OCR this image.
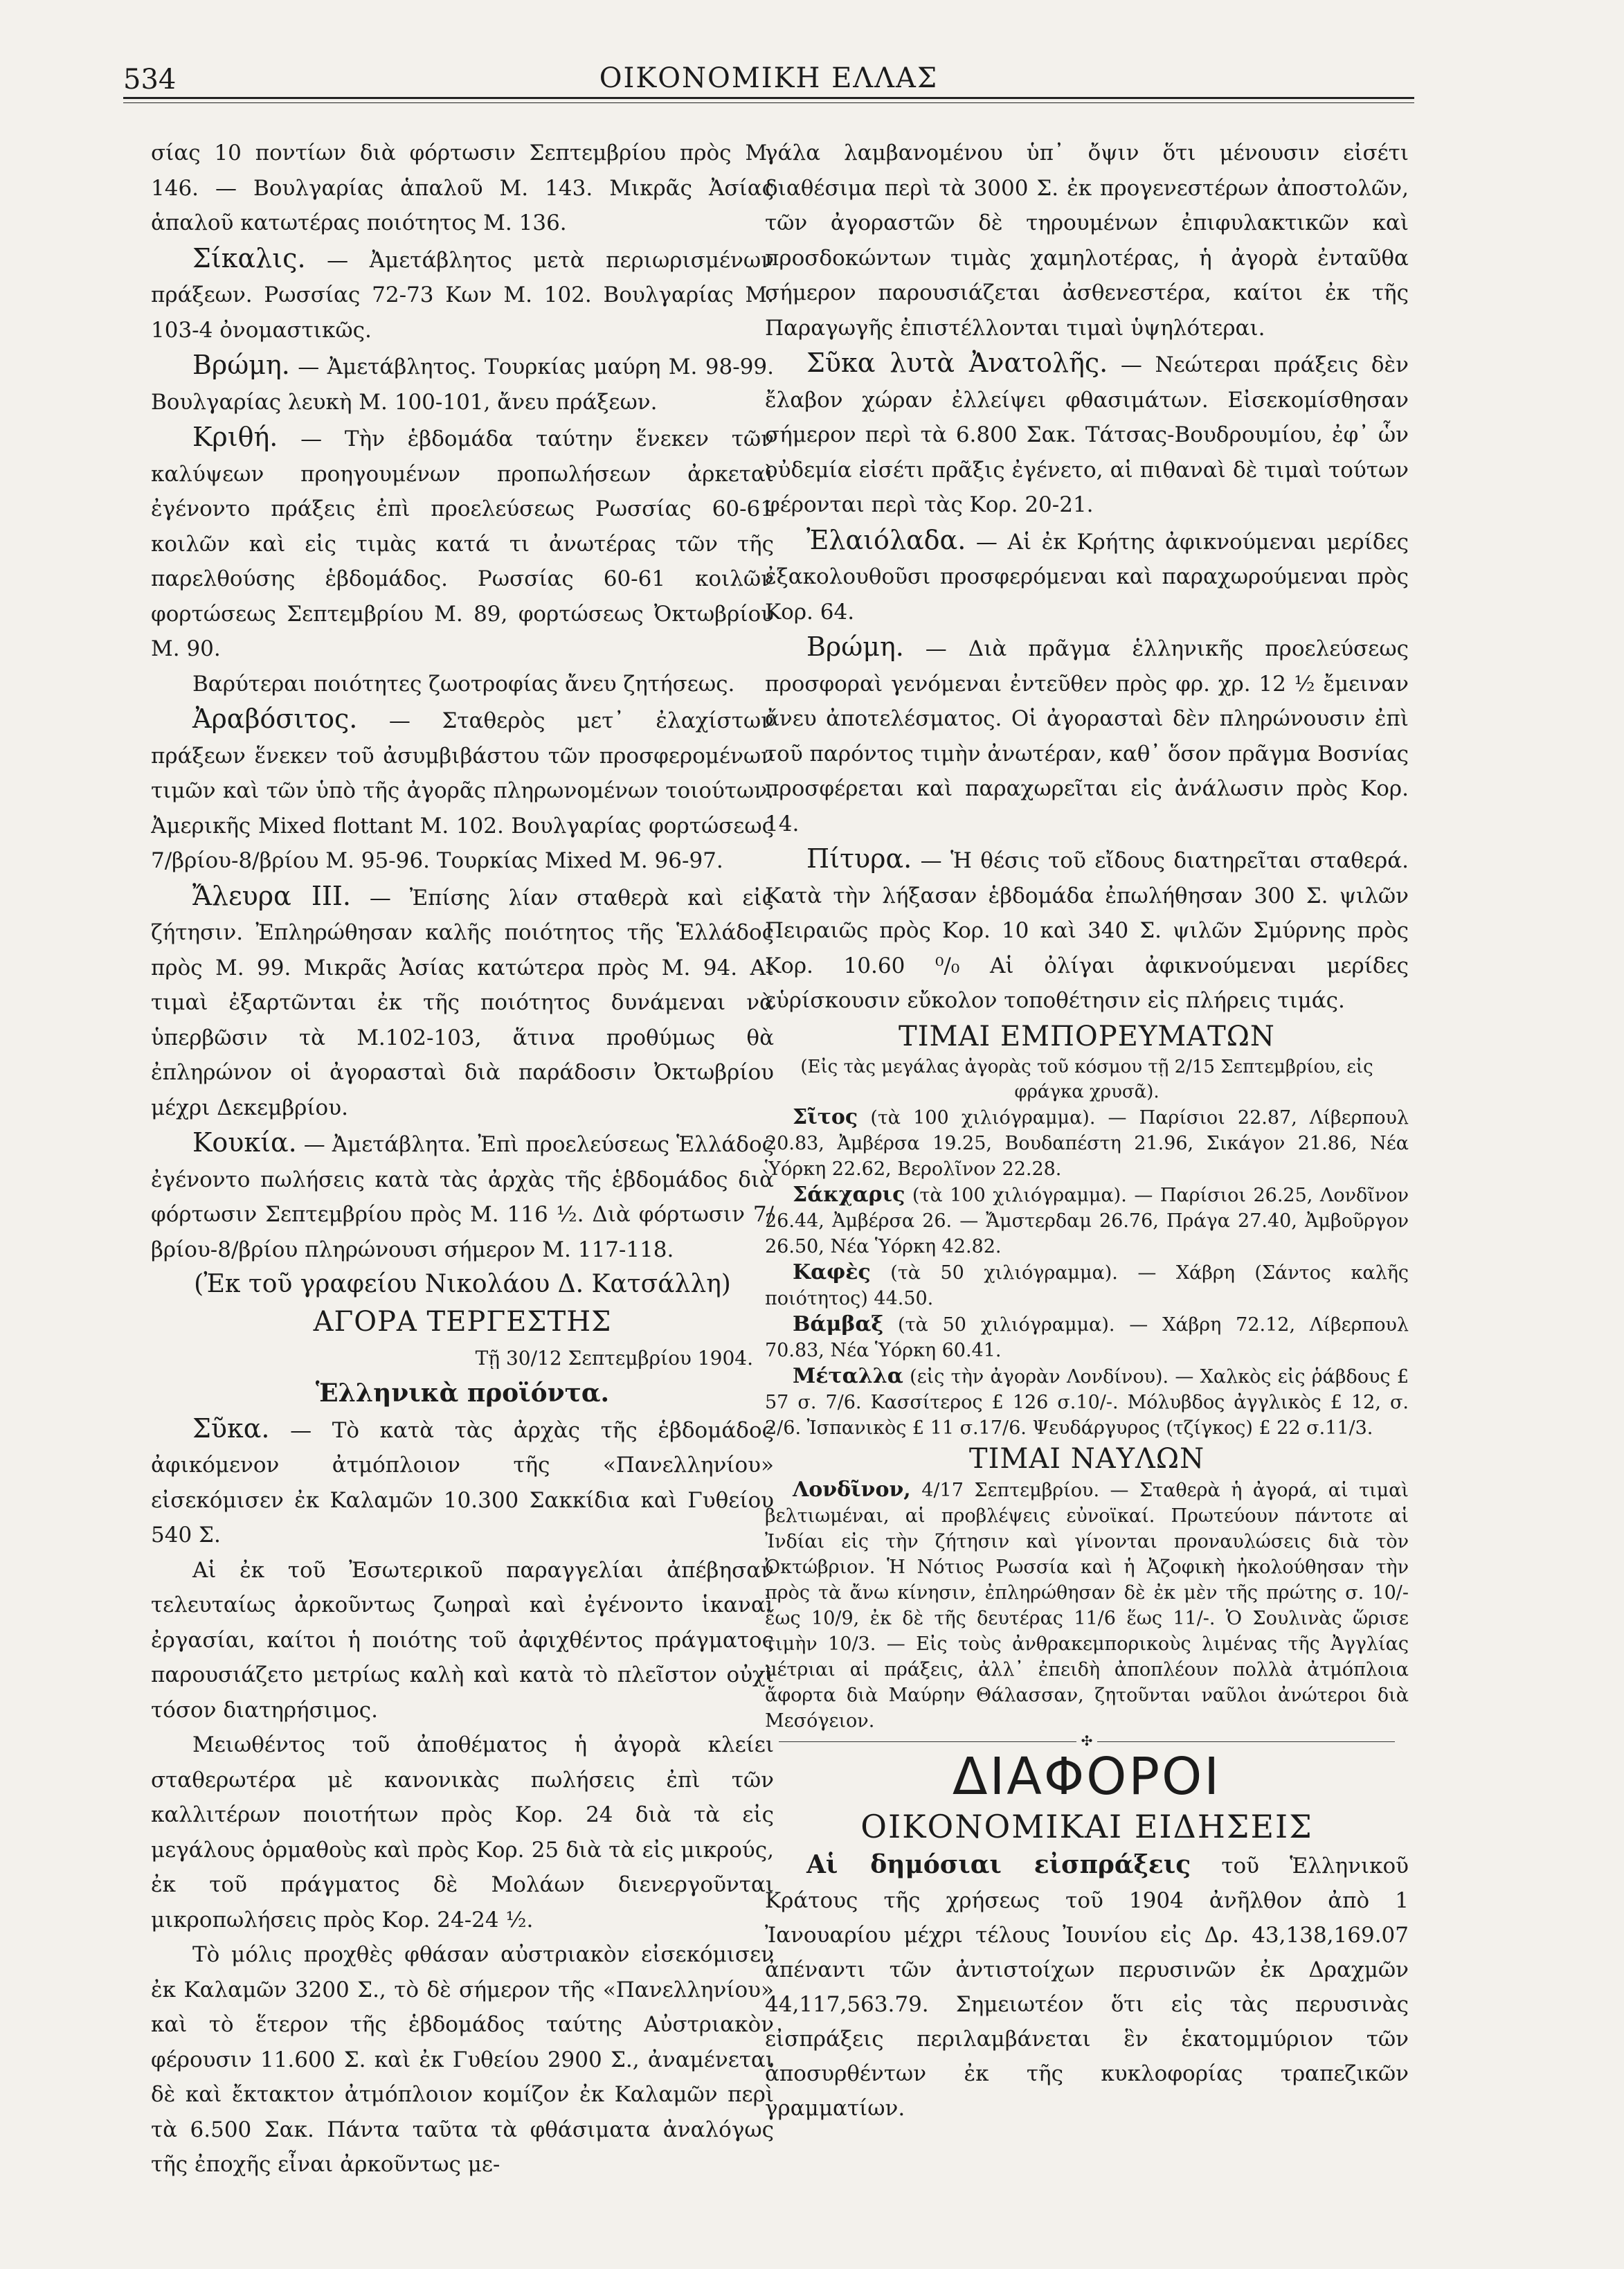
534	ΟΙΚΟΝΟΜΙΚΗ ΕΛΛΑΣ

σίας 10 ποντίων διὰ φόρτωσιν Σεπτεμβρίου πρὸς Μ. 146. — Βουλγαρίας ἁπαλοῦ Μ. 143. Μικρᾶς Ἀσίας ἁπαλοῦ κατωτέρας ποιότητος Μ. 136.

Σίκαλις. — Ἀμετάβλητος μετὰ περιωρισμένων πράξεων. Ρωσσίας 72-73 Kων Μ. 102. Βουλγαρίας Μ. 103-4 ὀνομαστικῶς.

Βρώμη. — Ἀμετάβλητος. Τουρκίας μαύρη Μ. 98-99. Βουλγαρίας λευκὴ Μ. 100-101, ἄνευ πράξεων.

Κριθή. — Τὴν ἑβδομάδα ταύτην ἕνεκεν τῶν καλύψεων προηγουμένων προπωλήσεων ἀρκεταὶ ἐγένοντο πράξεις ἐπὶ προελεύσεως Ρωσσίας 60-61 κοιλῶν καὶ εἰς τιμὰς κατά τι ἀνωτέρας τῶν τῆς παρελθούσης ἑβδομάδος. Ρωσσίας 60-61 κοιλῶν φορτώσεως Σεπτεμβρίου Μ. 89, φορτώσεως Ὀκτωβρίου Μ. 90.

Βαρύτεραι ποιότητες ζωοτροφίας ἄνευ ζητήσεως.

Ἀραβόσιτος. — Σταθερὸς μετ᾽ ἐλαχίστων πράξεων ἕνεκεν τοῦ ἀσυμβιβάστου τῶν προσφερομένων τιμῶν καὶ τῶν ὑπὸ τῆς ἀγορᾶς πληρωνομένων τοιούτων. Ἀμερικῆς Mixed flottant Μ. 102. Βουλγαρίας φορτώσεως 7/βρίου-8/βρίου Μ. 95-96. Τουρκίας Mixed Μ. 96-97.

Ἄλευρα III. — Ἐπίσης λίαν σταθερὰ καὶ εἰς ζήτησιν. Ἐπληρώθησαν καλῆς ποιότητος τῆς Ἑλλάδος πρὸς Μ. 99. Μικρᾶς Ἀσίας κατώτερα πρὸς Μ. 94. Αἱ τιμαὶ ἐξαρτῶνται ἐκ τῆς ποιότητος δυνάμεναι νὰ ὑπερβῶσιν τὰ Μ.102-103, ἅτινα προθύμως θὰ ἐπληρώνον οἱ ἀγορασταὶ διὰ παράδοσιν Ὀκτωβρίου μέχρι Δεκεμβρίου.

Κουκία. — Ἀμετάβλητα. Ἐπὶ προελεύσεως Ἑλλάδος ἐγένοντο πωλήσεις κατὰ τὰς ἀρχὰς τῆς ἑβδομάδος διὰ φόρτωσιν Σεπτεμβρίου πρὸς Μ. 116 ½. Διὰ φόρτωσιν 7/βρίου-8/βρίου πληρώνουσι σήμερον Μ. 117-118.

(Ἐκ τοῦ γραφείου Νικολάου Δ. Κατσάλλη)

ΑΓΟΡΑ ΤΕΡΓΕΣΤΗΣ

Τῇ 30/12 Σεπτεμβρίου 1904.

Ἑλληνικὰ προϊόντα.

Σῦκα. — Τὸ κατὰ τὰς ἀρχὰς τῆς ἑβδομάδος ἀφικόμενον ἀτμόπλοιον τῆς «Πανελληνίου» εἰσεκόμισεν ἐκ Καλαμῶν 10.300 Σακκίδια καὶ Γυθείου 540 Σ.

Αἱ ἐκ τοῦ Ἐσωτερικοῦ παραγγελίαι ἀπέβησαν τελευταίως ἀρκοῦντως ζωηραὶ καὶ ἐγένοντο ἱκαναὶ ἐργασίαι, καίτοι ἡ ποιότης τοῦ ἀφιχθέντος πράγματος παρουσιάζετο μετρίως καλὴ καὶ κατὰ τὸ πλεῖστον οὐχὶ τόσον διατηρήσιμος.

Μειωθέντος τοῦ ἀποθέματος ἡ ἀγορὰ κλείει σταθερωτέρα μὲ κανονικὰς πωλήσεις ἐπὶ τῶν καλλιτέρων ποιοτήτων πρὸς Κορ. 24 διὰ τὰ εἰς μεγάλους ὁρμαθοὺς καὶ πρὸς Κορ. 25 διὰ τὰ εἰς μικρούς, ἐκ τοῦ πράγματος δὲ Μολάων διενεργοῦνται μικροπωλήσεις πρὸς Κορ. 24-24 ½.

Τὸ μόλις προχθὲς φθάσαν αὐστριακὸν εἰσεκόμισεν ἐκ Καλαμῶν 3200 Σ., τὸ δὲ σήμερον τῆς «Πανελληνίου» καὶ τὸ ἕτερον τῆς ἑβδομάδος ταύτης Αὐστριακὸν φέρουσιν 11.600 Σ. καὶ ἐκ Γυθείου 2900 Σ., ἀναμένεται δὲ καὶ ἔκτακτον ἀτμόπλοιον κομίζον ἐκ Καλαμῶν περὶ τὰ 6.500 Σακ. Πάντα ταῦτα τὰ φθάσιματα ἀναλόγως τῆς ἐποχῆς εἶναι ἀρκοῦντως με-

γάλα λαμβανομένου ὑπ᾽ ὄψιν ὅτι μένουσιν εἰσέτι διαθέσιμα περὶ τὰ 3000 Σ. ἐκ προγενεστέρων ἀποστολῶν, τῶν ἀγοραστῶν δὲ τηρουμένων ἐπιφυλακτικῶν καὶ προσδοκώντων τιμὰς χαμηλοτέρας, ἡ ἀγορὰ ἐνταῦθα σήμερον παρουσιάζεται ἀσθενεστέρα, καίτοι ἐκ τῆς Παραγωγῆς ἐπιστέλλονται τιμαὶ ὑψηλότεραι.

Σῦκα λυτὰ Ἀνατολῆς. — Νεώτεραι πράξεις δὲν ἔλαβον χώραν ἐλλείψει φθασιμάτων. Εἰσεκομίσθησαν σήμερον περὶ τὰ 6.800 Σακ. Τάτσας-Βουδρουμίου, ἐφ᾽ ὧν οὐδεμία εἰσέτι πρᾶξις ἐγένετο, αἱ πιθαναὶ δὲ τιμαὶ τούτων φέρονται περὶ τὰς Κορ. 20-21.

Ἐλαιόλαδα. — Αἱ ἐκ Κρήτης ἀφικνούμεναι μερίδες ἐξακολουθοῦσι προσφερόμεναι καὶ παραχωρούμεναι πρὸς Κορ. 64.

Βρώμη. — Διὰ πρᾶγμα ἑλληνικῆς προελεύσεως προσφοραὶ γενόμεναι ἐντεῦθεν πρὸς φρ. χρ. 12 ½ ἔμειναν ἄνευ ἀποτελέσματος. Οἱ ἀγορασταὶ δὲν πληρώνουσιν ἐπὶ τοῦ παρόντος τιμὴν ἀνωτέραν, καθ᾽ ὅσον πρᾶγμα Βοσνίας προσφέρεται καὶ παραχωρεῖται εἰς ἀνάλωσιν πρὸς Κορ. 14.

Πίτυρα. — Ἡ θέσις τοῦ εἴδους διατηρεῖται σταθερά. Κατὰ τὴν λήξασαν ἑβδομάδα ἐπωλήθησαν 300 Σ. ψιλῶν Πειραιῶς πρὸς Κορ. 10 καὶ 340 Σ. ψιλῶν Σμύρνης πρὸς Κορ. 10.60 ⁰/₀ Αἱ ὀλίγαι ἀφικνούμεναι μερίδες εὑρίσκουσιν εὔκολον τοποθέτησιν εἰς πλήρεις τιμάς.

ΤΙΜΑΙ ΕΜΠΟΡΕΥΜΑΤΩΝ

(Εἰς τὰς μεγάλας ἀγορὰς τοῦ κόσμου τῇ 2/15 Σεπτεμβρίου, εἰς φράγκα χρυσᾶ).

Σῖτος (τὰ 100 χιλιόγραμμα). — Παρίσιοι 22.87, Λίβερπουλ 20.83, Ἀμβέρσα 19.25, Βουδαπέστη 21.96, Σικάγον 21.86, Νέα Ὑόρκη 22.62, Βερολῖνον 22.28.

Σάκχαρις (τὰ 100 χιλιόγραμμα). — Παρίσιοι 26.25, Λονδῖνον 26.44, Ἀμβέρσα 26. — Ἄμστερδαμ 26.76, Πράγα 27.40, Ἀμβοῦργον 26.50, Νέα Ὑόρκη 42.82.

Καφὲς (τὰ 50 χιλιόγραμμα). — Χάβρη (Σάντος καλῆς ποιότητος) 44.50.

Βάμβαξ (τὰ 50 χιλιόγραμμα). — Χάβρη 72.12, Λίβερπουλ 70.83, Νέα Ὑόρκη 60.41.

Μέταλλα (εἰς τὴν ἀγορὰν Λονδίνου). — Χαλκὸς εἰς ῥάβδους £ 57 σ. 7/6. Κασσίτερος £ 126 σ.10/-. Μόλυβδος ἀγγλικὸς £ 12, σ. 2/6. Ἰσπανικὸς £ 11 σ.17/6. Ψευδάργυρος (τζίγκος) £ 22 σ.11/3.

ΤΙΜΑΙ ΝΑΥΛΩΝ

Λονδῖνον, 4/17 Σεπτεμβρίου. — Σταθερὰ ἡ ἀγορά, αἱ τιμαὶ βελτιωμέναι, αἱ προβλέψεις εὐνοϊκαί. Πρωτεύουν πάντοτε αἱ Ἰνδίαι εἰς τὴν ζήτησιν καὶ γίνονται προναυλώσεις διὰ τὸν Ὀκτώβριον. Ἡ Νότιος Ρωσσία καὶ ἡ Ἀζοφικὴ ἠκολούθησαν τὴν πρὸς τὰ ἄνω κίνησιν, ἐπληρώθησαν δὲ ἐκ μὲν τῆς πρώτης σ. 10/- ἕως 10/9, ἐκ δὲ τῆς δευτέρας 11/6 ἕως 11/-. Ὁ Σουλινὰς ὥρισε τιμὴν 10/3. — Εἰς τοὺς ἀνθρακεμπορικοὺς λιμένας τῆς Ἀγγλίας μέτριαι αἱ πράξεις, ἀλλ᾽ ἐπειδὴ ἀποπλέουν πολλὰ ἀτμόπλοια ἄφορτα διὰ Μαύρην Θάλασσαν, ζητοῦνται ναῦλοι ἀνώτεροι διὰ Μεσόγειον.

✣

ΔΙΑΦΟΡΟΙ

ΟΙΚΟΝΟΜΙΚΑΙ ΕΙΔΗΣΕΙΣ

Αἱ δημόσιαι εἰσπράξεις τοῦ Ἑλληνικοῦ Κράτους τῆς χρήσεως τοῦ 1904 ἀνῆλθον ἀπὸ 1 Ἰανουαρίου μέχρι τέλους Ἰουνίου εἰς Δρ. 43,138,169.07 ἀπέναντι τῶν ἀντιστοίχων περυσινῶν ἐκ Δραχμῶν 44,117,563.79. Σημειωτέον ὅτι εἰς τὰς περυσινὰς εἰσπράξεις περιλαμβάνεται ἓν ἑκατομμύριον τῶν ἀποσυρθέντων ἐκ τῆς κυκλοφορίας τραπεζικῶν γραμματίων.
